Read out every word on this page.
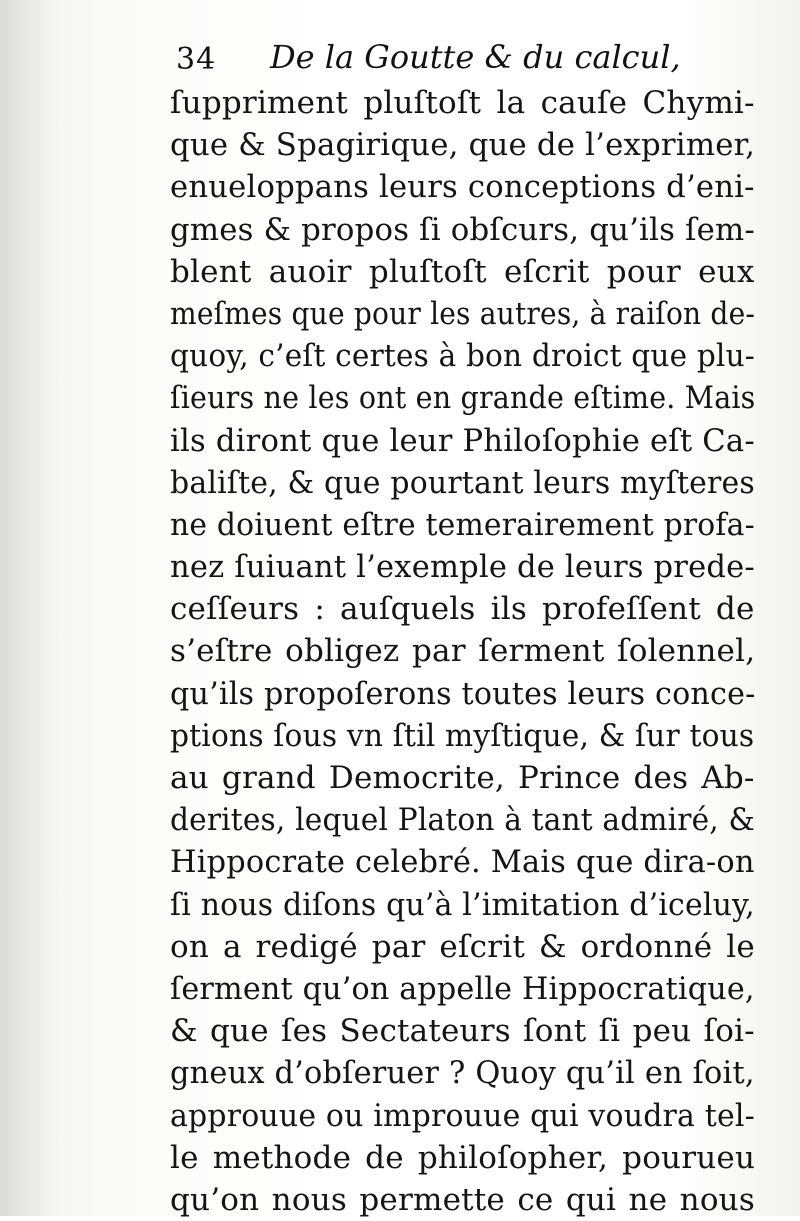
34 De la Goutte & du calcul,
ſuppriment pluſtoſt la cauſe Chymi-
que & Spagirique, que de l’exprimer,
enueloppans leurs conceptions d’eni-
gmes & propos ſi obſcurs, qu’ils ſem-
blent auoir pluſtoſt eſcrit pour eux
meſmes que pour les autres, à raiſon de-
quoy, c’eſt certes à bon droict que plu-
ſieurs ne les ont en grande eſtime. Mais
ils diront que leur Philoſophie eſt Ca-
baliſte, & que pourtant leurs myſteres
ne doiuent eſtre temerairement profa-
nez ſuiuant l’exemple de leurs prede-
ceſſeurs : auſquels ils profeſſent de
s’eſtre obligez par ſerment ſolennel,
qu’ils propoſerons toutes leurs conce-
ptions ſous vn ſtil myſtique, & ſur tous
au grand Democrite, Prince des Ab-
derites, lequel Platon à tant admiré, &
Hippocrate celebré. Mais que dira-on
ſi nous diſons qu’à l’imitation d’iceluy,
on a redigé par eſcrit & ordonné le
ſerment qu’on appelle Hippocratique,
& que ſes Sectateurs ſont ſi peu ſoi-
gneux d’obſeruer ? Quoy qu’il en ſoit,
approuue ou improuue qui voudra tel-
le methode de philoſopher, pourueu
qu’on nous permette ce qui ne nous
